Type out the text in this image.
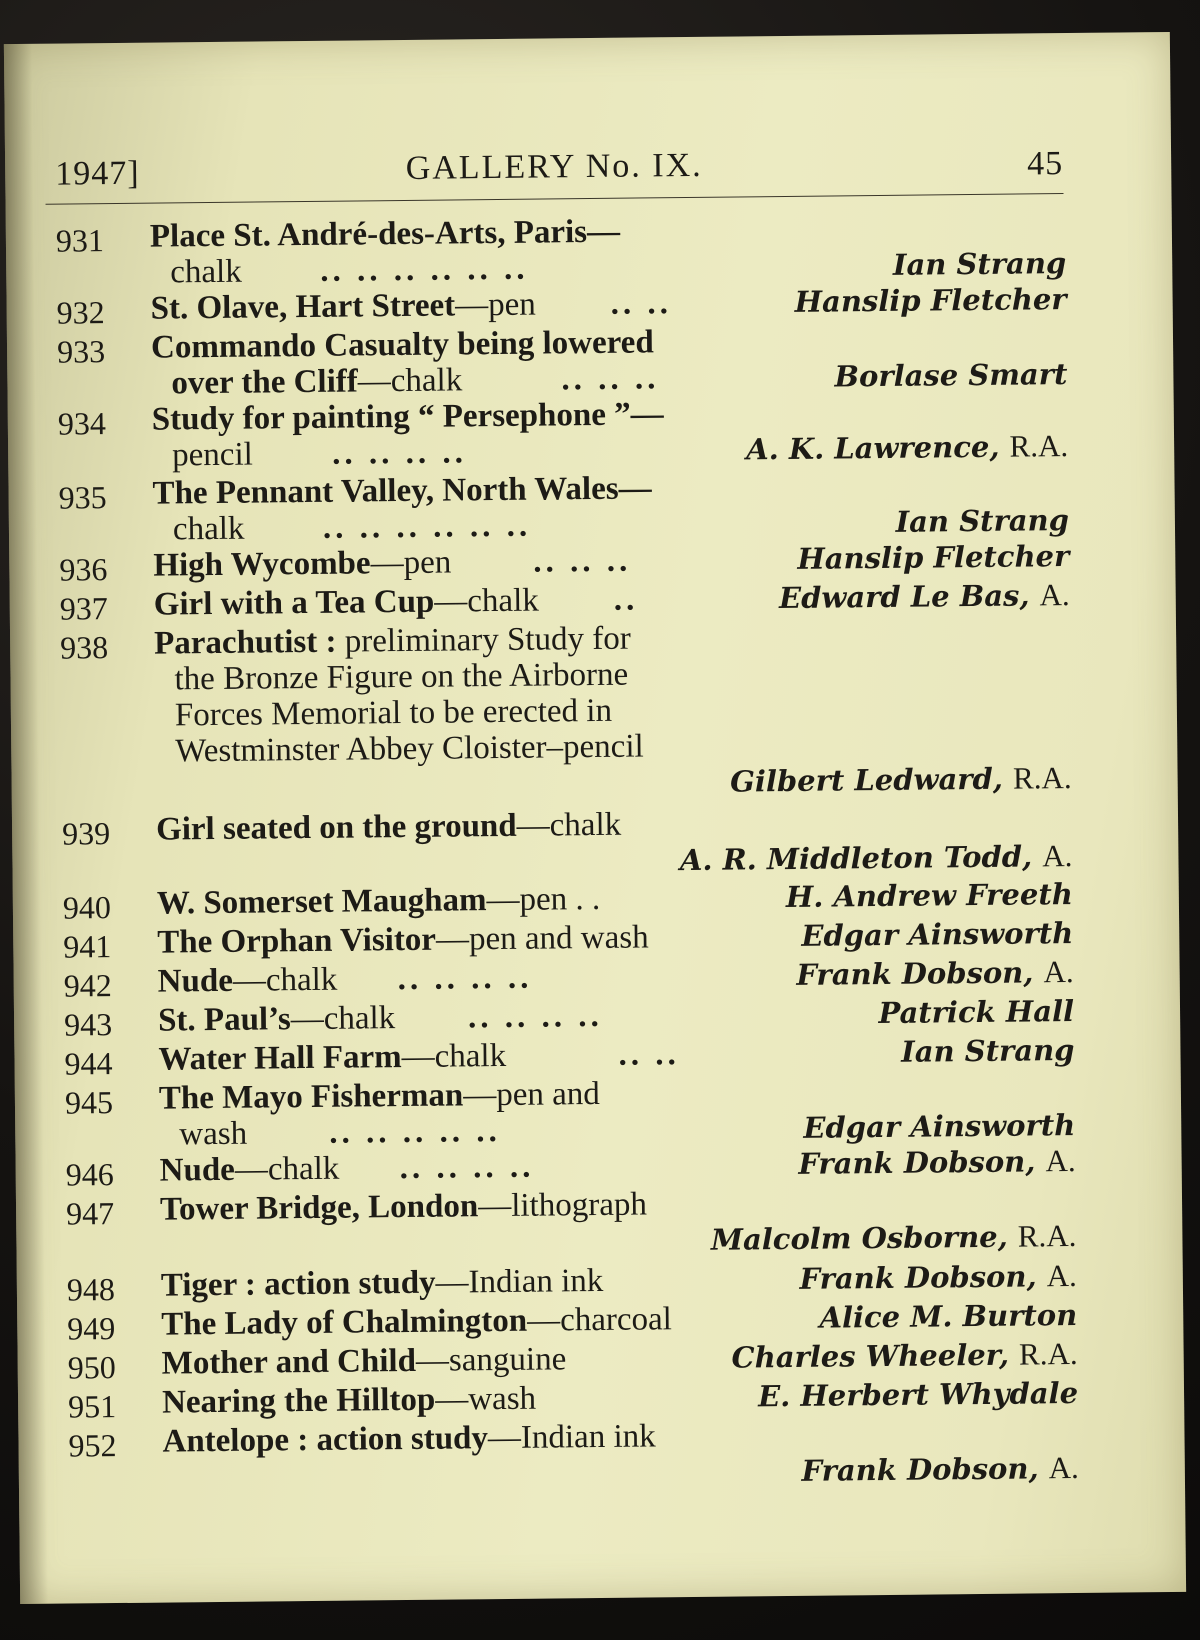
1947]	GALLERY No. IX.	45
931	Place St. André-des-Arts, Paris—
chalk .. .. .. .. .. ..	Ian Strang
932	St. Olave, Hart Street—pen .. ..	Hanslip Fletcher
933	Commando Casualty being lowered
over the Cliff—chalk	.. .. ..	Borlase Smart
934	Study for painting “ Persephone ”—
pencil .. .. .. ..	A. K. Lawrence, R.A.
935	The Pennant Valley, North Wales—
chalk .. .. .. .. .. ..	Ian Strang
936	High Wycombe—pen .. .. ..	Hanslip Fletcher
937	Girl with a Tea Cup—chalk ..	Edward Le Bas, A.
938	Parachutist : preliminary Study for
the Bronze Figure on the Airborne
Forces Memorial to be erected in
Westminster Abbey Cloister–pencil
Gilbert Ledward, R.A.
939	Girl seated on the ground—chalk
A. R. Middleton Todd, A.
940	W. Somerset Maugham—pen . .	H. Andrew Freeth
941	The Orphan Visitor—pen and wash	Edgar Ainsworth
942	Nude—chalk .. .. .. ..	Frank Dobson, A.
943	St. Paul’s—chalk .. .. .. ..	Patrick Hall
944	Water Hall Farm—chalk	.. ..	Ian Strang
945	The Mayo Fisherman—pen and
wash .. .. .. .. ..	Edgar Ainsworth
946	Nude—chalk .. .. .. ..	Frank Dobson, A.
947	Tower Bridge, London—lithograph
Malcolm Osborne, R.A.
948	Tiger : action study—Indian ink	Frank Dobson, A.
949	The Lady of Chalmington—charcoal	Alice M. Burton
950	Mother and Child—sanguine	Charles Wheeler, R.A.
951	Nearing the Hilltop—wash	E. Herbert Whydale
952	Antelope : action study—Indian ink
Frank Dobson, A.
